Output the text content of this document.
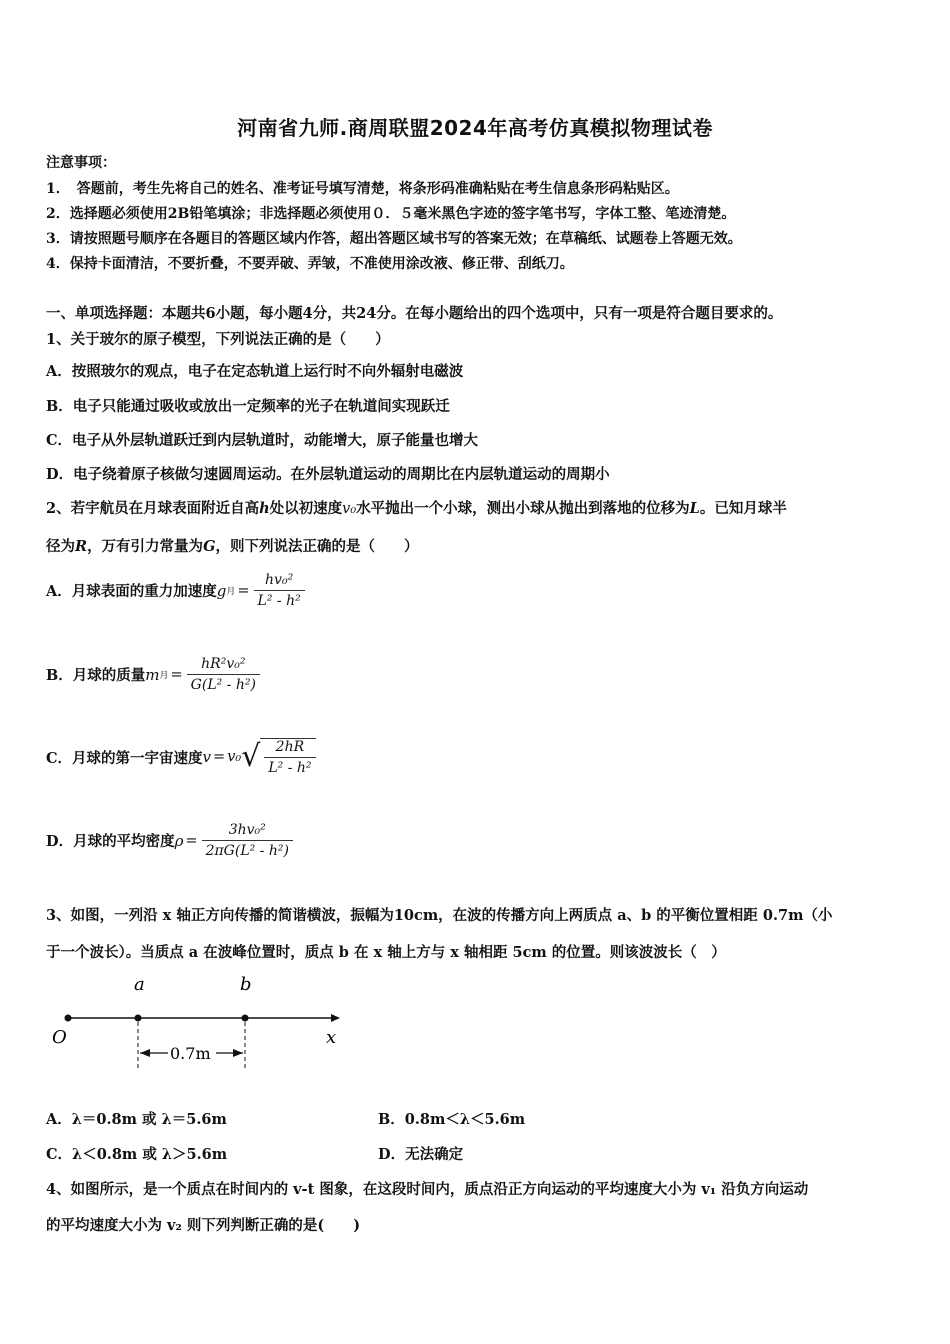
河南省九师.商周联盟2024年高考仿真模拟物理试卷
注意事项：
1．　答题前，考生先将自己的姓名、准考证号填写清楚，将条形码准确粘贴在考生信息条形码粘贴区。
2．选择题必须使用2B铅笔填涂；非选择题必须使用０．５毫米黑色字迹的签字笔书写，字体工整、笔迹清楚。
3．请按照题号顺序在各题目的答题区域内作答，超出答题区域书写的答案无效；在草稿纸、试题卷上答题无效。
4．保持卡面清洁，不要折叠，不要弄破、弄皱，不准使用涂改液、修正带、刮纸刀。
一、单项选择题：本题共6小题，每小题4分，共24分。在每小题给出的四个选项中，只有一项是符合题目要求的。
1、关于玻尔的原子模型，下列说法正确的是（　　）
A．按照玻尔的观点，电子在定态轨道上运行时不向外辐射电磁波
B．电子只能通过吸收或放出一定频率的光子在轨道间实现跃迁
C．电子从外层轨道跃迁到内层轨道时，动能增大，原子能量也增大
D．电子绕着原子核做匀速圆周运动。在外层轨道运动的周期比在内层轨道运动的周期小
2、若宇航员在月球表面附近自高h处以初速度v₀水平抛出一个小球，测出小球从抛出到落地的位移为L。已知月球半
径为R，万有引力常量为G，则下列说法正确的是（　　）
A．月球表面的重力加速度 g 月 = $\frac{\text{hv₀²}}{\text{L² - h²}}$
B．月球的质量 m 月 = $\frac{\text{hR²v₀²}}{\text{G(L² - h²)}}$
C．月球的第一宇宙速度 v = v₀ √ $\frac{2hR}{\text{L² - h²}}$
D．月球的平均密度 $\rho = \frac{\text{3hv₀²}}{\text{2πG(L² - h²)}}$
3、如图，一列沿 x 轴正方向传播的简谐横波，振幅为10cm，在波的传播方向上两质点 a、b 的平衡位置相距 0.7m（小
于一个波长）。当质点 a 在波峰位置时，质点 b 在 x 轴上方与 x 轴相距 5cm 的位置。则该波波长（　）
a	b
O	x
0.7m
A．λ＝0.8m 或 λ＝5.6m	B．0.8m＜λ＜5.6m
C．λ＜0.8m 或 λ＞5.6m	D．无法确定
4、如图所示，是一个质点在时间内的 v-t 图象，在这段时间内，质点沿正方向运动的平均速度大小为 v₁ 沿负方向运动
的平均速度大小为 v₂ 则下列判断正确的是(　　)
